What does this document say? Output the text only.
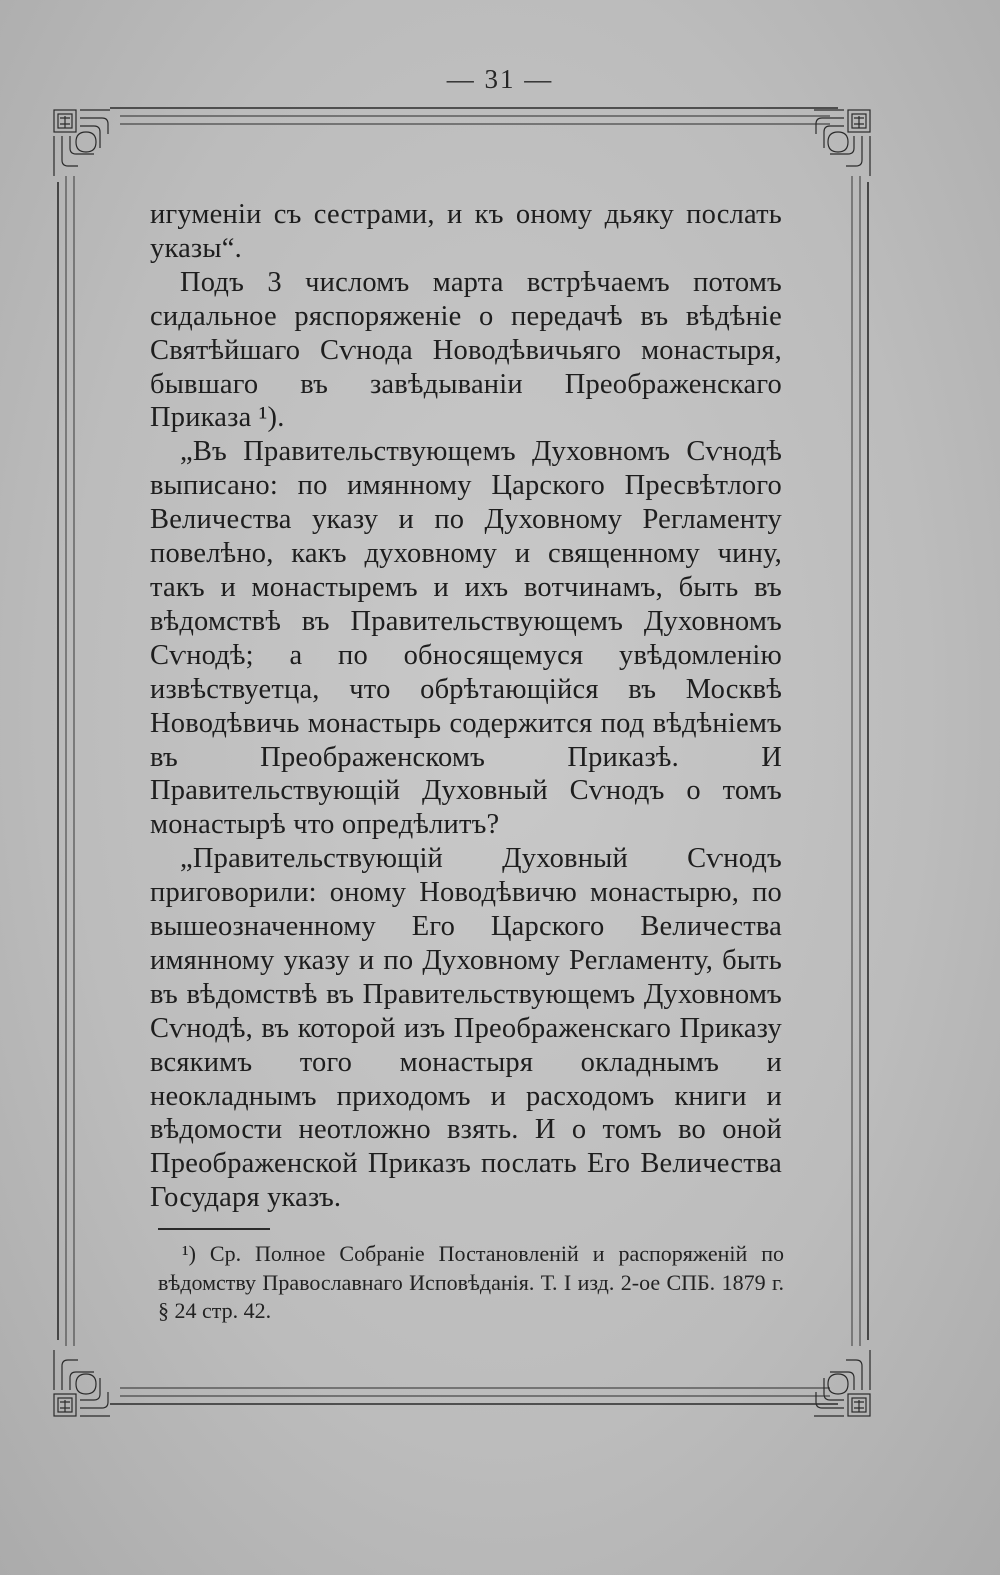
— 31 —

игуменіи съ сестрами, и къ оному дьяку послать указы“.

Подъ 3 числомъ марта встрѣчаемъ потомъ сидальное ряспоряженіе о передачѣ въ вѣдѣніе Святѣйшаго Сѵнода Новодѣвичьяго монастыря, бывшаго въ завѣдываніи Преображенскаго Приказа ¹).

„Въ Правительствующемъ Духовномъ Сѵнодѣ выписано: по имянному Царского Пресвѣтлого Величества указу и по Духовному Регламенту повелѣно, какъ духовному и священному чину, такъ и монастыремъ и ихъ вотчинамъ, быть въ вѣдомствѣ въ Правительствующемъ Духовномъ Сѵнодѣ; а по обносящемуся увѣдомленію извѣствуетца, что обрѣтающійся въ Москвѣ Новодѣвичь монастырь содержится под вѣдѣніемъ въ Преображенскомъ Приказѣ. И Правительствующій Духовный Сѵнодъ о томъ монастырѣ что опредѣлитъ?

„Правительствующій Духовный Сѵнодъ приговорили: оному Новодѣвичю монастырю, по вышеозначенному Его Царского Величества имянному указу и по Духовному Регламенту, быть въ вѣдомствѣ въ Правительствующемъ Духовномъ Сѵнодѣ, въ которой изъ Преображенскаго Приказу всякимъ того монастыря окладнымъ и неокладнымъ приходомъ и расходомъ книги и вѣдомости неотложно взять. И о томъ во оной Преображенской Приказъ послать Его Величества Государя указъ.

¹) Ср. Полное Собраніе Постановленій и распоряженій по вѣдомству Православнаго Исповѣданія. Т. I изд. 2-ое СПБ. 1879 г. § 24 стр. 42.
